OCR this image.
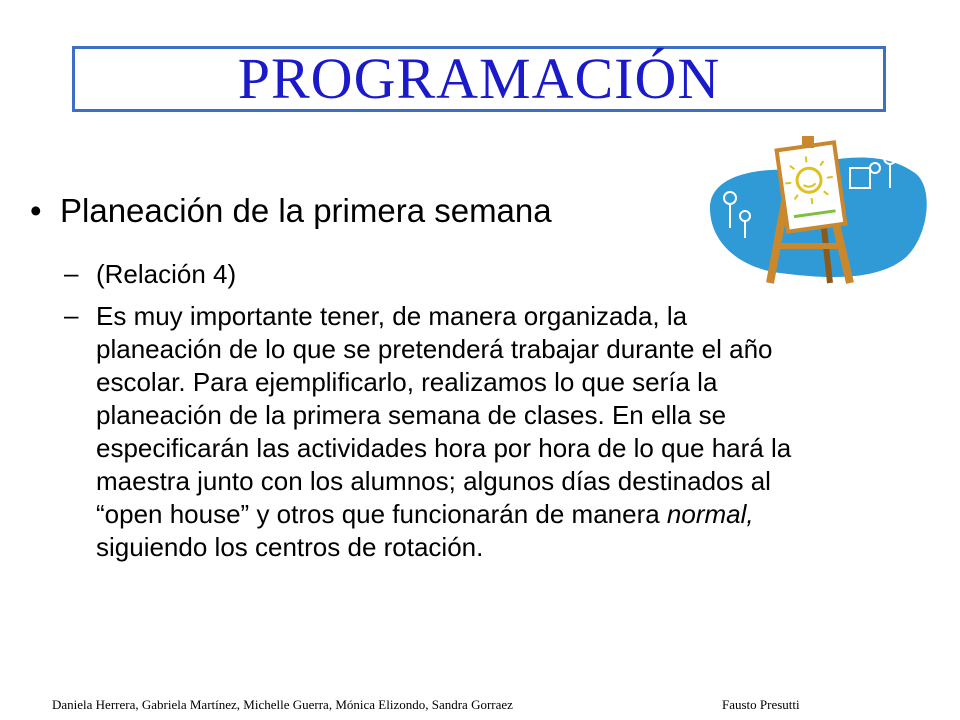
PROGRAMACIÓN
• Planeación de la primera semana
– (Relación 4)
– Es muy importante tener, de manera organizada, la planeación de lo que se pretenderá trabajar durante el año escolar. Para ejemplificarlo, realizamos lo que sería la planeación de la primera semana de clases. En ella se especificarán las actividades hora por hora de lo que hará la maestra junto con los alumnos; algunos días destinados al “open house” y otros que funcionarán de manera normal, siguiendo los centros de rotación.
Daniela Herrera, Gabriela Martínez, Michelle Guerra, Mónica Elizondo, Sandra Gorraez	Fausto Presutti
